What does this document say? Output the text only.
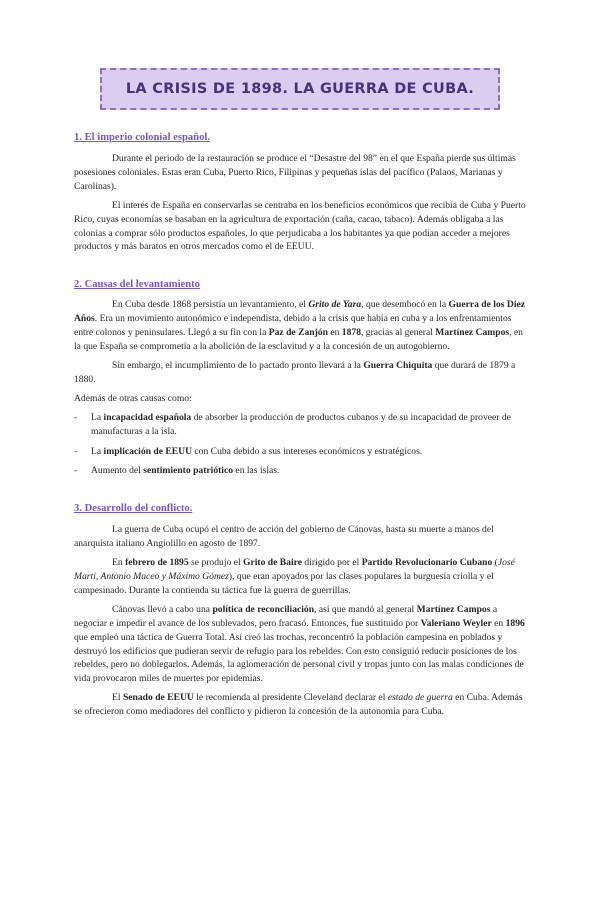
LA CRISIS DE 1898. LA GUERRA DE CUBA.
1. El imperio colonial español.

Durante el periodo de la restauración se produce el “Desastre del 98” en el que España pierde sus últimas posesiones coloniales. Estas eran Cuba, Puerto Rico, Filipinas y pequeñas islas del pacífico (Palaos, Marianas y Carolinas).

El interés de España en conservarlas se centraba en los beneficios económicos que recibía de Cuba y Puerto Rico, cuyas economías se basaban en la agricultura de exportación (caña, cacao, tabaco). Además obligaba a las colonias a comprar sólo productos españoles, lo que perjudicaba a los habitantes ya que podían acceder a mejores productos y más baratos en otros mercados como el de EEUU.

2. Causas del levantamiento

En Cuba desde 1868 persistía un levantamiento, el Grito de Yara, que desembocó en la Guerra de los Diez Años. Era un movimiento autonómico e independista, debido a la crisis que había en cuba y a los enfrentamientos entre colonos y peninsulares. Llegó a su fin con la Paz de Zanjón en 1878, gracias al general Martínez Campos, en la que España se comprometía a la abolición de la esclavitud y a la concesión de un autogobierno.

Sin embargo, el incumplimiento de lo pactado pronto llevará a la Guerra Chiquita que durará de 1879 a 1880.

Además de otras causas como:

- La incapacidad española de absorber la producción de productos cubanos y de su incapacidad de proveer de manufacturas a la isla.
- La implicación de EEUU con Cuba debido a sus intereses económicos y estratégicos.
- Aumento del sentimiento patriótico en las islas.
3. Desarrollo del conflicto.

La guerra de Cuba ocupó el centro de acción del gobierno de Cánovas, hasta su muerte a manos del anarquista italiano Angiolillo en agosto de 1897.

En febrero de 1895 se produjo el Grito de Baire dirigido por el Partido Revolucionario Cubano (José Martí, Antonio Maceo y Máximo Gómez), que eran apoyados por las clases populares la burguesía criolla y el campesinado. Durante la contienda su táctica fue la guerra de guerrillas.

Cánovas llevó a cabo una política de reconciliación, así que mandó al general Martínez Campos a negociar e impedir el avance de los sublevados, pero fracasó. Entonces, fue sustituido por Valeriano Weyler en 1896 que empleó una táctica de Guerra Total. Así creó las trochas, reconcentró la población campesina en poblados y destruyó los edificios que pudieran servir de refugio para los rebeldes. Con esto consiguió reducir posiciones de los rebeldes, pero no doblegarlos. Además, la aglomeración de personal civil y tropas junto con las malas condiciones de vida provocaron miles de muertes por epidemias.

El Senado de EEUU le recomienda al presidente Cleveland declarar el estado de guerra en Cuba. Además se ofrecieron como mediadores del conflicto y pidieron la concesión de la autonomía para Cuba.
